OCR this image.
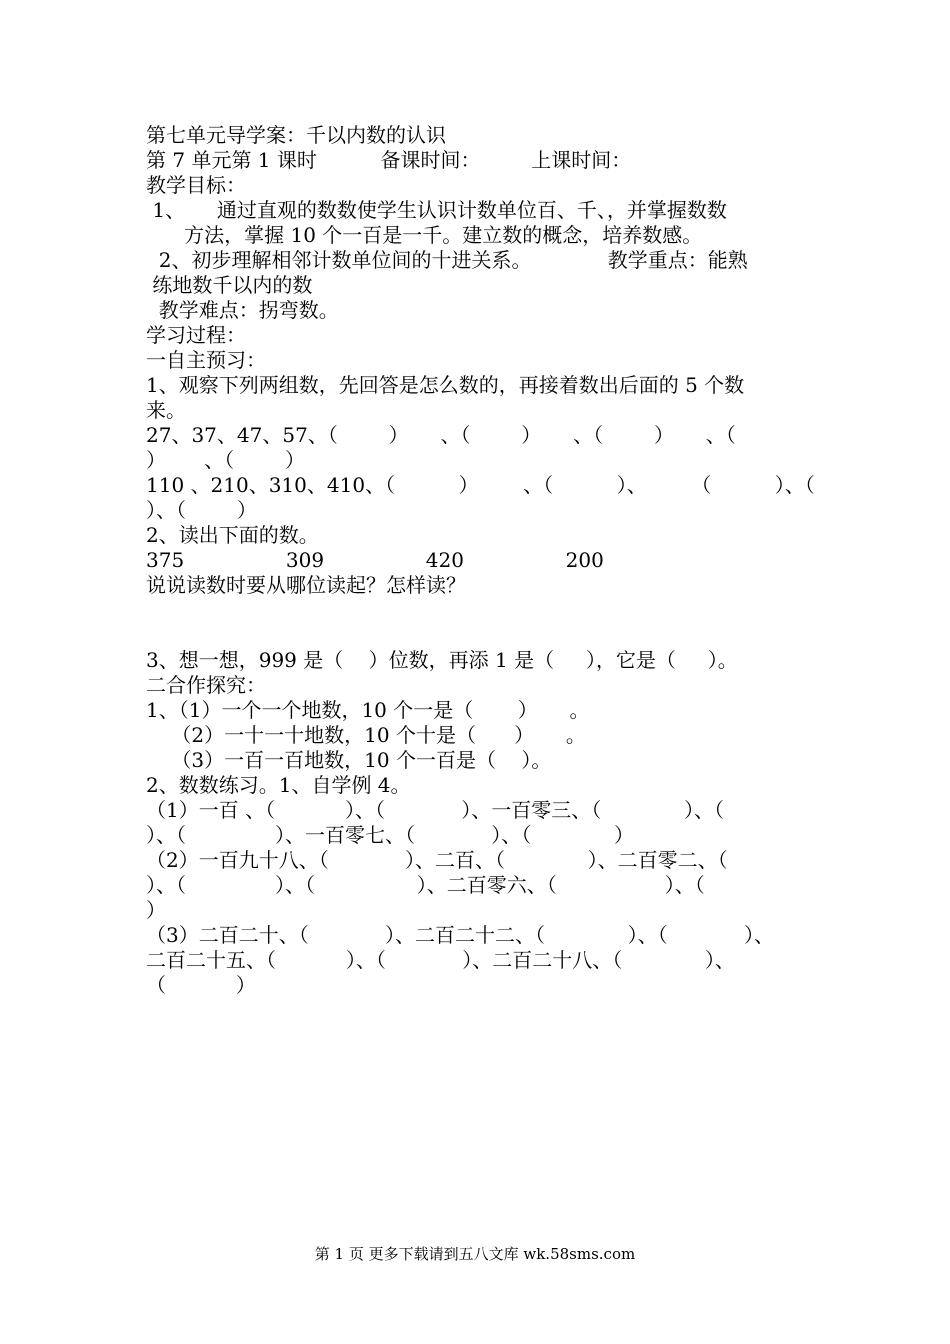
第七单元导学案：千以内数的认识
第 7 单元第 1 课时          备课时间：        上课时间：
教学目标：
1、     通过直观的数数使学生认识计数单位百、千、，并掌握数数
方法，掌握 10 个一百是一千。建立数的概念，培养数感。
2、初步理解相邻计数单位间的十进关系。            教学重点：能熟
练地数千以内的数
教学难点：拐弯数。
学习过程：
一自主预习：
1、观察下列两组数，先回答是怎么数的，再接着数出后面的 5 个数
来。
27、37、47、57、（        ）     、（        ）     、（        ）     、（
）      、（        ）
110 、210、310、410、（          ）       、（          ）、       （          ）、（
）、（        ）
2、读出下面的数。
375                309                420                200
说说读数时要从哪位读起？怎样读？
3、想一想，999 是（    ）位数，再添 1 是（     ），它是（     ）。
二合作探究：
1、（1）一个一个地数，10 个一是（       ）     。
（2）一十一十地数，10 个十是（      ）     。
（3）一百一百地数，10 个一百是（    ）。
2、数数练习。1、自学例 4。
（1）一百 、（           ）、（            ）、一百零三、（             ）、（
）、（              ）、一百零七、（            ）、（             ）
（2）一百九十八、（            ）、二百、（             ）、二百零二、（
）、（              ）、（                ）、二百零六、（                 ）、（
）
（3）二百二十、（            ）、二百二十二、（             ）、（            ）、
二百二十五、（           ）、（            ）、二百二十八、（             ）、
（           ）
第 1 页 更多下载请到五八文库 wk.58sms.com
